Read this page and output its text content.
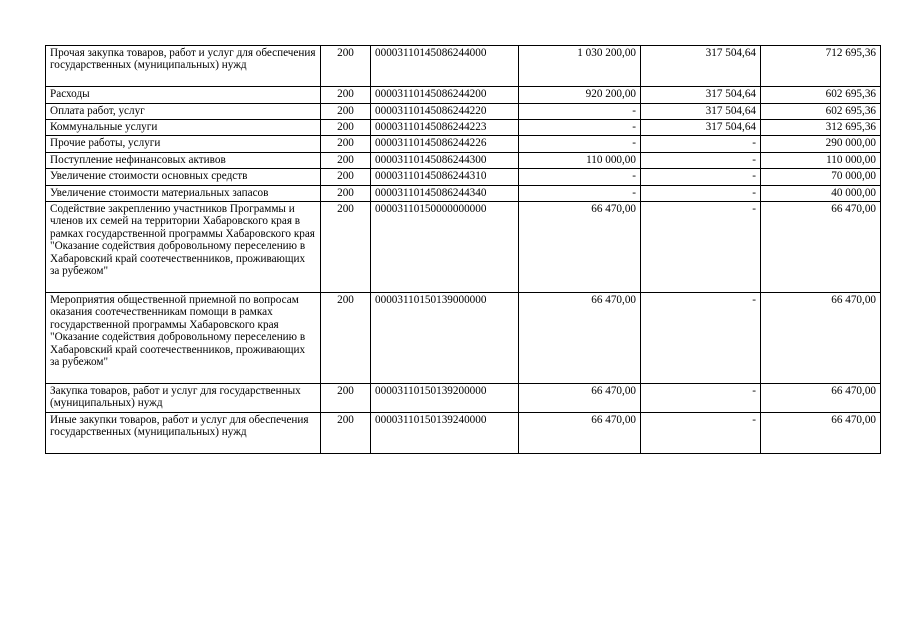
Прочая закупка товаров, работ и услуг для обеспечения государственных (муниципальных) нужд	200	00003110145086244000	1 030 200,00	317 504,64	712 695,36
Расходы	200	00003110145086244200	920 200,00	317 504,64	602 695,36
Оплата работ, услуг	200	00003110145086244220	-	317 504,64	602 695,36
Коммунальные услуги	200	00003110145086244223	-	317 504,64	312 695,36
Прочие работы, услуги	200	00003110145086244226	-	-	290 000,00
Поступление нефинансовых активов	200	00003110145086244300	110 000,00	-	110 000,00
Увеличение стоимости основных средств	200	00003110145086244310	-	-	70 000,00
Увеличение стоимости материальных запасов	200	00003110145086244340	-	-	40 000,00
Содействие закреплению участников Программы и членов их семей на территории Хабаровского края в рамках государственной программы Хабаровского края "Оказание содействия добровольному переселению в Хабаровский край соотечественников, проживающих за рубежом"	200	00003110150000000000	66 470,00	-	66 470,00
Мероприятия общественной приемной по вопросам оказания соотечественникам помощи в рамках государственной программы Хабаровского края "Оказание содействия добровольному переселению в Хабаровский край соотечественников, проживающих за рубежом"	200	00003110150139000000	66 470,00	-	66 470,00
Закупка товаров, работ и услуг для государственных (муниципальных) нужд	200	00003110150139200000	66 470,00	-	66 470,00
Иные закупки товаров, работ и услуг для обеспечения государственных (муниципальных) нужд	200	00003110150139240000	66 470,00	-	66 470,00
